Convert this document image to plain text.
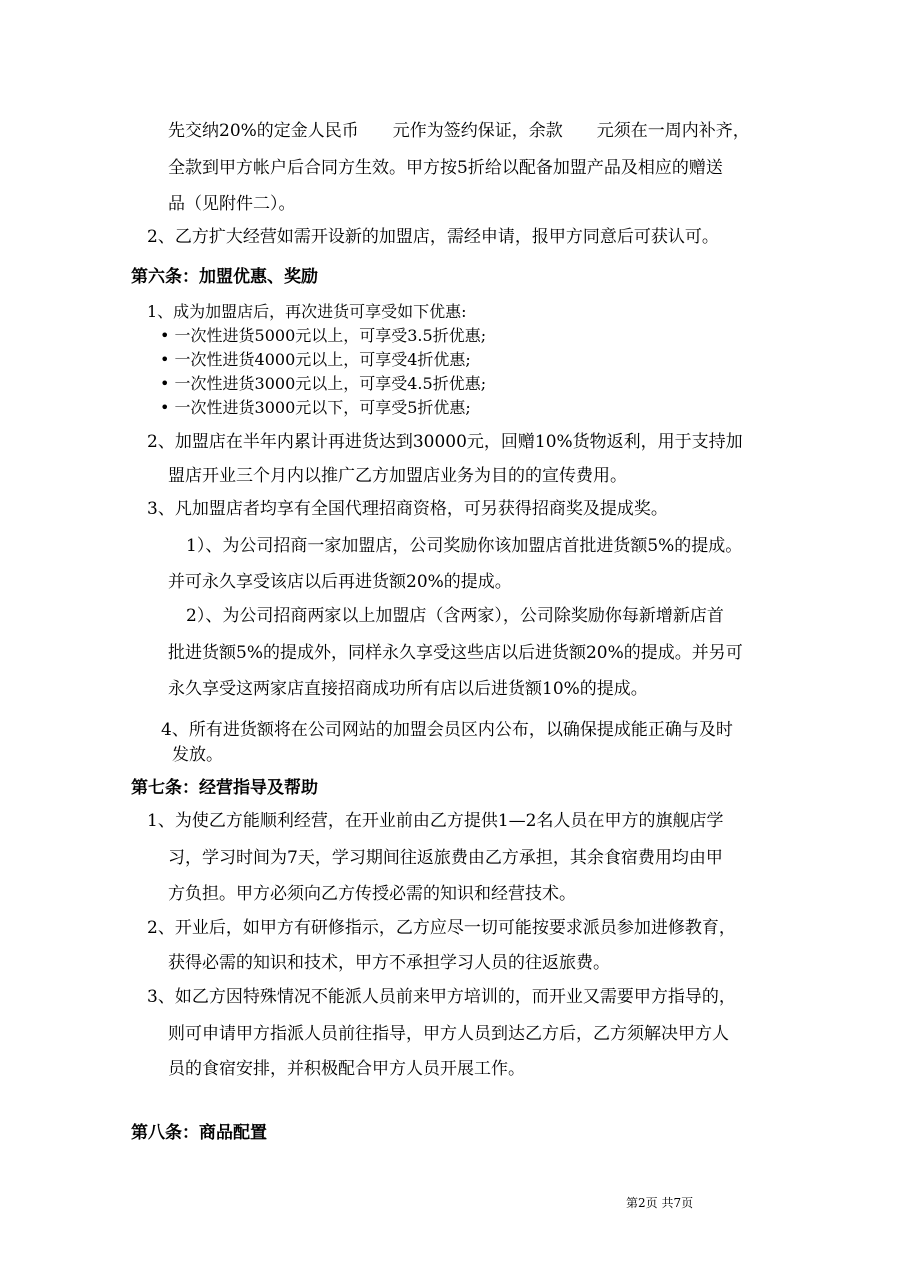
先交纳20%的定金人民币　　元作为签约保证，余款　　元须在一周内补齐，
全款到甲方帐户后合同方生效。甲方按5折给以配备加盟产品及相应的赠送
品（见附件二）。
2、乙方扩大经营如需开设新的加盟店，需经申请，报甲方同意后可获认可。
第六条：加盟优惠、奖励
1、成为加盟店后，再次进货可享受如下优惠:
• 一次性进货5000元以上，可享受3.5折优惠;
• 一次性进货4000元以上，可享受4折优惠;
• 一次性进货3000元以上，可享受4.5折优惠;
• 一次性进货3000元以下，可享受5折优惠;
2、加盟店在半年内累计再进货达到30000元，回赠10%货物返利，用于支持加
盟店开业三个月内以推广乙方加盟店业务为目的的宣传费用。
3、凡加盟店者均享有全国代理招商资格，可另获得招商奖及提成奖。
1）、为公司招商一家加盟店，公司奖励你该加盟店首批进货额5%的提成。
并可永久享受该店以后再进货额20%的提成。
2）、为公司招商两家以上加盟店（含两家），公司除奖励你每新增新店首
批进货额5%的提成外，同样永久享受这些店以后进货额20%的提成。并另可
永久享受这两家店直接招商成功所有店以后进货额10%的提成。
4、所有进货额将在公司网站的加盟会员区内公布，以确保提成能正确与及时
发放。
第七条：经营指导及帮助
1、为使乙方能顺利经营，在开业前由乙方提供1—2名人员在甲方的旗舰店学
习，学习时间为7天，学习期间往返旅费由乙方承担，其余食宿费用均由甲
方负担。甲方必须向乙方传授必需的知识和经营技术。
2、开业后，如甲方有研修指示，乙方应尽一切可能按要求派员参加进修教育，
获得必需的知识和技术，甲方不承担学习人员的往返旅费。
3、如乙方因特殊情况不能派人员前来甲方培训的，而开业又需要甲方指导的，
则可申请甲方指派人员前往指导，甲方人员到达乙方后，乙方须解决甲方人
员的食宿安排，并积极配合甲方人员开展工作。
第八条：商品配置
第2页 共7页
